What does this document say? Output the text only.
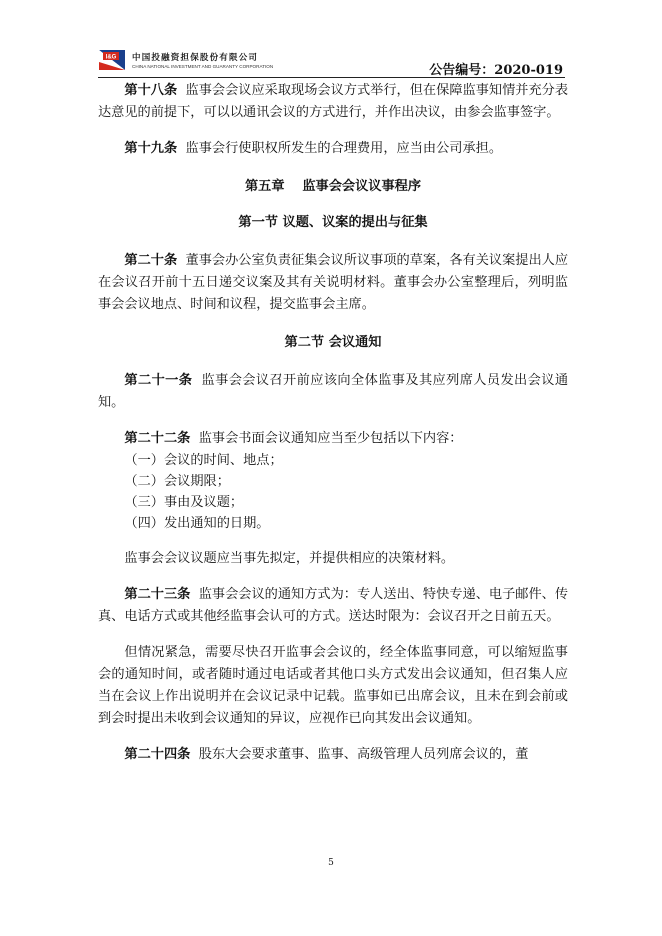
I&G 中国投融资担保股份有限公司
CHINA NATIONAL INVESTMENT AND GUARANTY CORPORATION	公告编号：2020-019

第十八条 监事会会议应采取现场会议方式举行，但在保障监事知情并充分表达意见的前提下，可以以通讯会议的方式进行，并作出决议，由参会监事签字。

第十九条 监事会行使职权所发生的合理费用，应当由公司承担。

第五章　 监事会会议议事程序

第一节 议题、议案的提出与征集

第二十条 董事会办公室负责征集会议所议事项的草案，各有关议案提出人应在会议召开前十五日递交议案及其有关说明材料。董事会办公室整理后，列明监事会会议地点、时间和议程，提交监事会主席。

第二节 会议通知

第二十一条 监事会会议召开前应该向全体监事及其应列席人员发出会议通知。

第二十二条 监事会书面会议通知应当至少包括以下内容：

（一）会议的时间、地点；

（二）会议期限；

（三）事由及议题；

（四）发出通知的日期。

监事会会议议题应当事先拟定，并提供相应的决策材料。

第二十三条 监事会会议的通知方式为：专人送出、特快专递、电子邮件、传真、电话方式或其他经监事会认可的方式。送达时限为：会议召开之日前五天。

但情况紧急，需要尽快召开监事会会议的，经全体监事同意，可以缩短监事会的通知时间，或者随时通过电话或者其他口头方式发出会议通知，但召集人应当在会议上作出说明并在会议记录中记载。监事如已出席会议，且未在到会前或到会时提出未收到会议通知的异议，应视作已向其发出会议通知。

第二十四条 股东大会要求董事、监事、高级管理人员列席会议的，董

5
